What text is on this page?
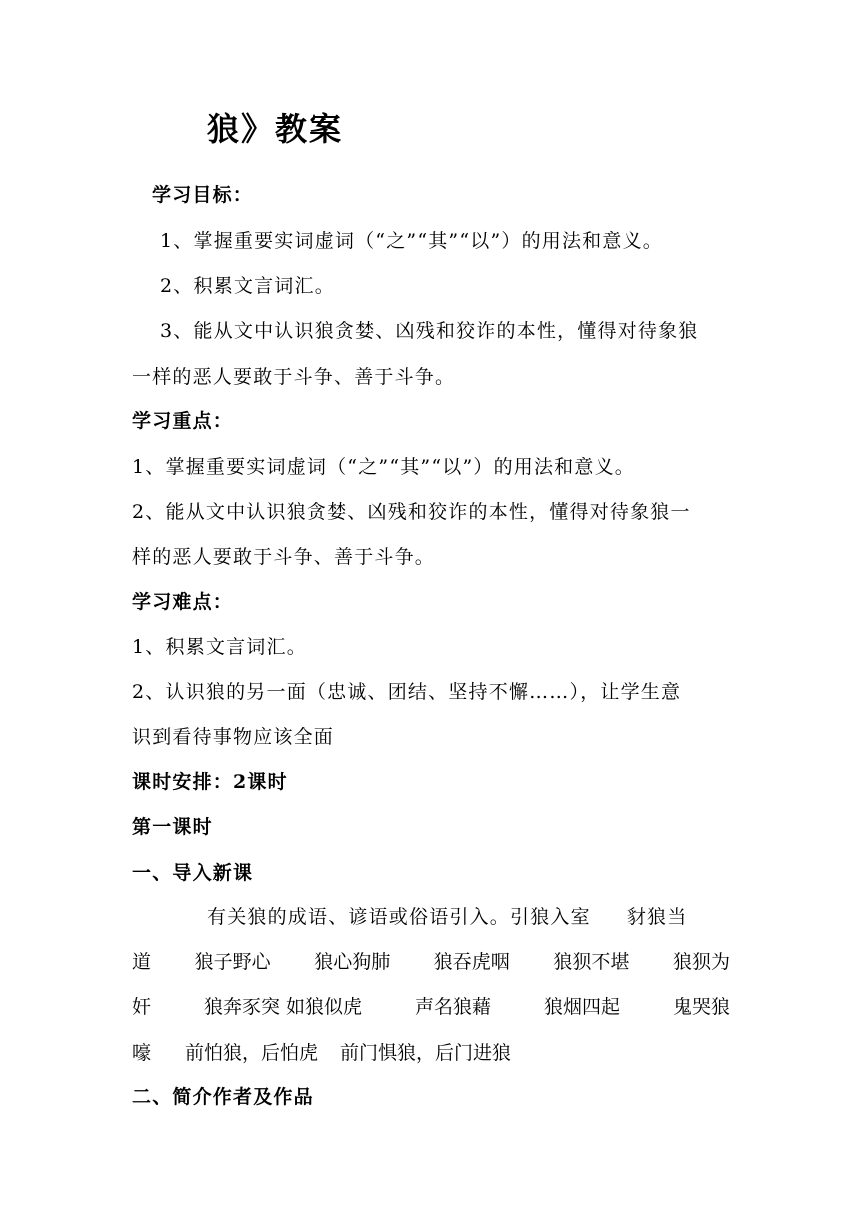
狼》教案
学习目标：
1、掌握重要实词虚词（“之”“其”“以”）的用法和意义。
2、积累文言词汇。
3、能从文中认识狼贪婪、凶残和狡诈的本性，懂得对待象狼
一样的恶人要敢于斗争、善于斗争。
学习重点：
1、掌握重要实词虚词（“之”“其”“以”）的用法和意义。
2、能从文中认识狼贪婪、凶残和狡诈的本性，懂得对待象狼一
样的恶人要敢于斗争、善于斗争。
学习难点：
1、积累文言词汇。
2、认识狼的另一面（忠诚、团结、坚持不懈……），让学生意
识到看待事物应该全面
课时安排：2课时
第一课时
一、导入新课
有关狼的成语、谚语或俗语引入。引狼入室 豺狼当
道 狼子野心 狼心狗肺 狼吞虎咽 狼狈不堪 狼狈为
奸	狼奔豕突 如狼似虎	声名狼藉	狼烟四起	鬼哭狼
嚎 前怕狼，后怕虎 前门惧狼，后门进狼
二、简介作者及作品
